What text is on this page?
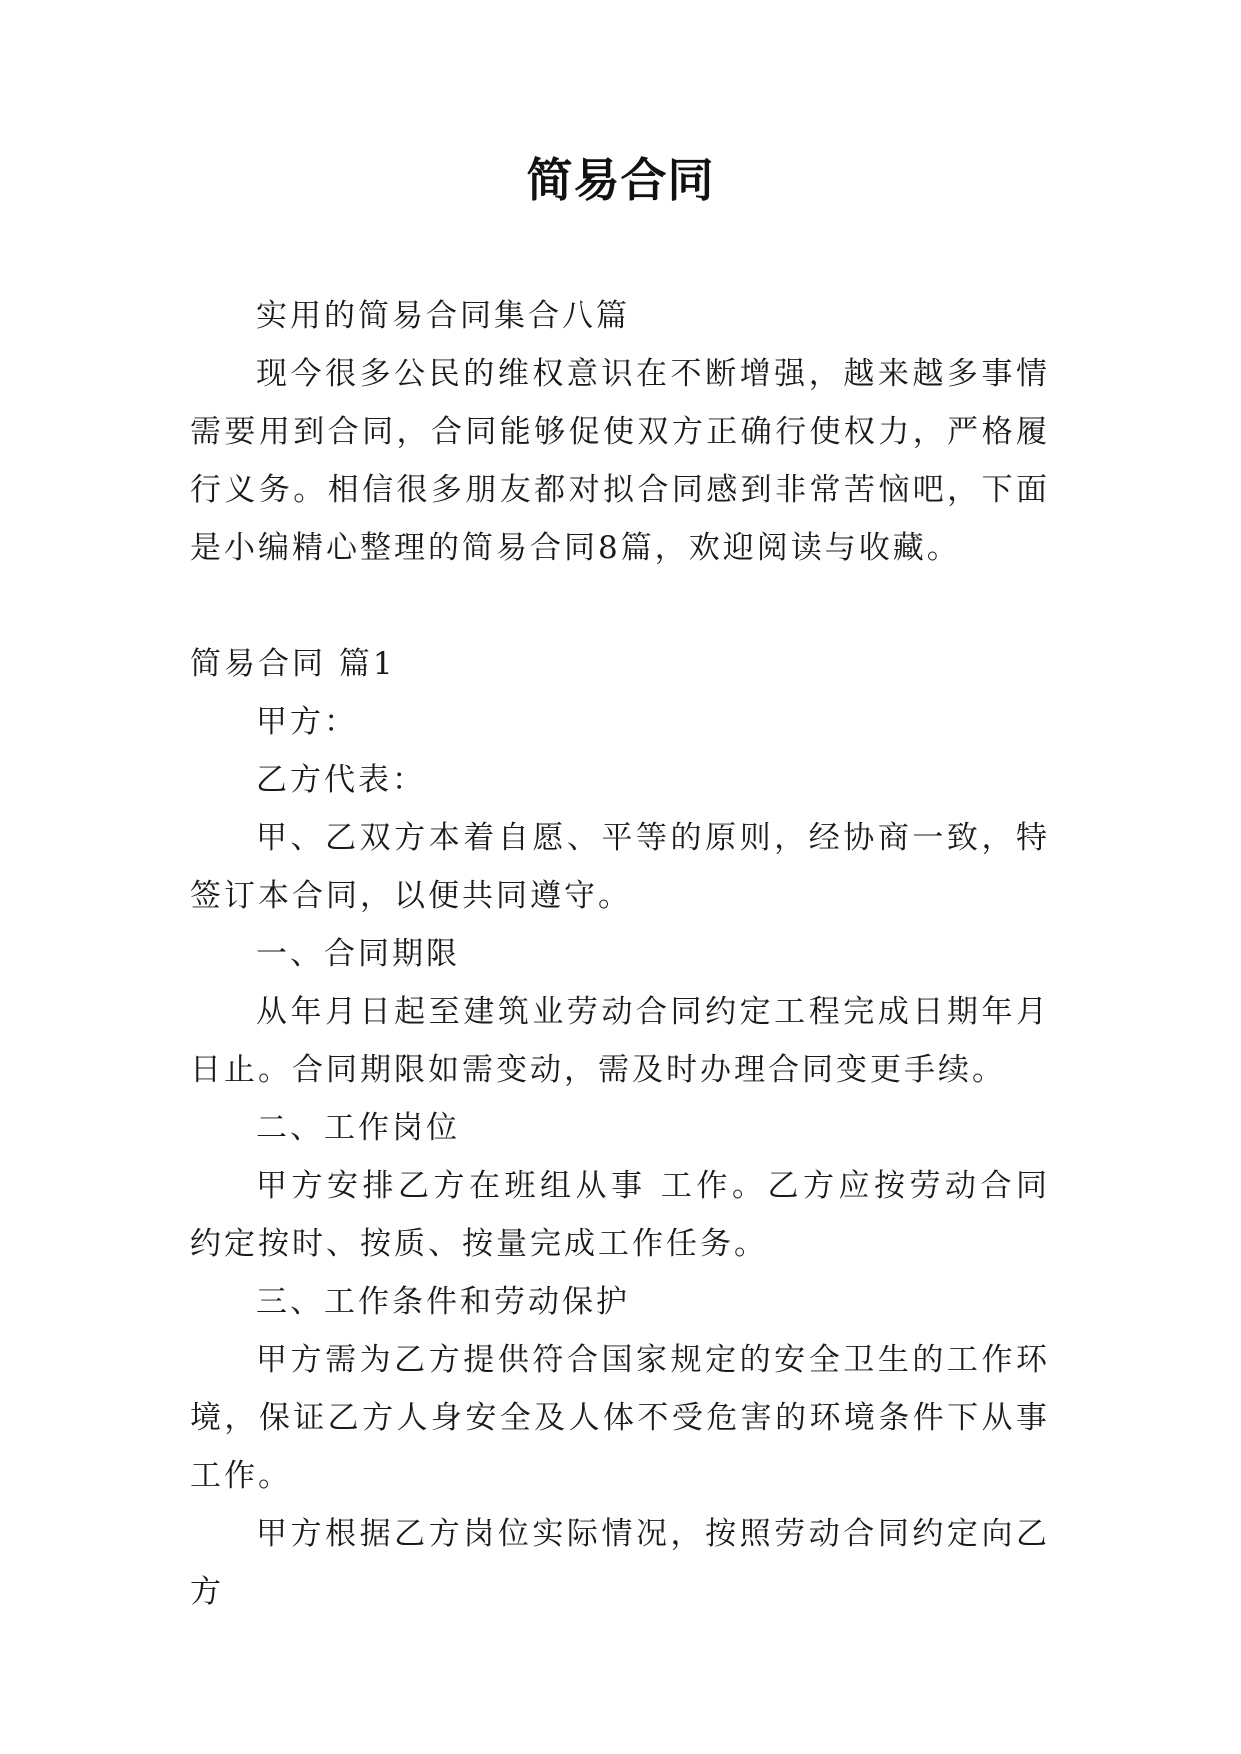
简易合同

实用的简易合同集合八篇

现今很多公民的维权意识在不断增强，越来越多事情需要用到合同，合同能够促使双方正确行使权力，严格履行义务。相信很多朋友都对拟合同感到非常苦恼吧，下面是小编精心整理的简易合同8篇，欢迎阅读与收藏。

简易合同 篇1

甲方：

乙方代表：

甲、乙双方本着自愿、平等的原则，经协商一致，特签订本合同，以便共同遵守。

一、合同期限

从年月日起至建筑业劳动合同约定工程完成日期年月日止。合同期限如需变动，需及时办理合同变更手续。

二、工作岗位

甲方安排乙方在班组从事 工作。乙方应按劳动合同约定按时、按质、按量完成工作任务。

三、工作条件和劳动保护

甲方需为乙方提供符合国家规定的安全卫生的工作环境，保证乙方人身安全及人体不受危害的环境条件下从事工作。

甲方根据乙方岗位实际情况，按照劳动合同约定向乙方
